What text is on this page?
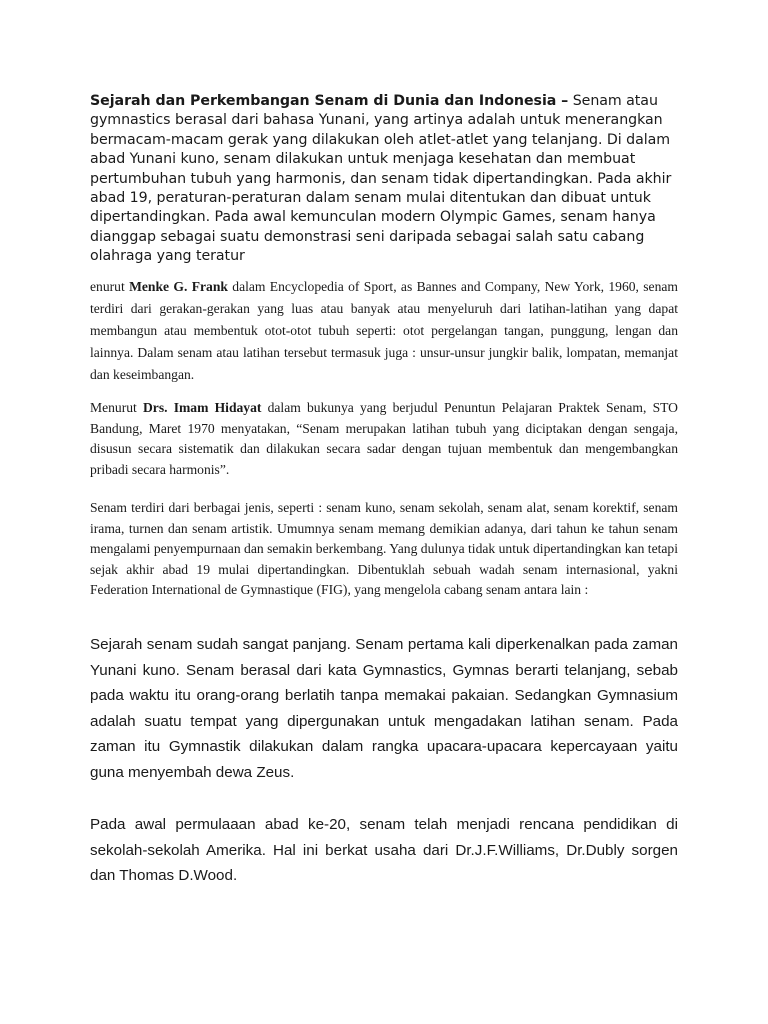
Sejarah dan Perkembangan Senam di Dunia dan Indonesia – Senam atau gymnastics berasal dari bahasa Yunani, yang artinya adalah untuk menerangkan bermacam-macam gerak yang dilakukan oleh atlet-atlet yang telanjang. Di dalam abad Yunani kuno, senam dilakukan untuk menjaga kesehatan dan membuat pertumbuhan tubuh yang harmonis, dan senam tidak dipertandingkan. Pada akhir abad 19, peraturan-peraturan dalam senam mulai ditentukan dan dibuat untuk dipertandingkan. Pada awal kemunculan modern Olympic Games, senam hanya dianggap sebagai suatu demonstrasi seni daripada sebagai salah satu cabang olahraga yang teratur

enurut Menke G. Frank dalam Encyclopedia of Sport, as Bannes and Company, New York, 1960, senam terdiri dari gerakan-gerakan yang luas atau banyak atau menyeluruh dari latihan-latihan yang dapat membangun atau membentuk otot-otot tubuh seperti: otot pergelangan tangan, punggung, lengan dan lainnya. Dalam senam atau latihan tersebut termasuk juga : unsur-unsur jungkir balik, lompatan, memanjat dan keseimbangan.

Menurut Drs. Imam Hidayat dalam bukunya yang berjudul Penuntun Pelajaran Praktek Senam, STO Bandung, Maret 1970 menyatakan, “Senam merupakan latihan tubuh yang diciptakan dengan sengaja, disusun secara sistematik dan dilakukan secara sadar dengan tujuan membentuk dan mengembangkan pribadi secara harmonis”.

Senam terdiri dari berbagai jenis, seperti : senam kuno, senam sekolah, senam alat, senam korektif, senam irama, turnen dan senam artistik. Umumnya senam memang demikian adanya, dari tahun ke tahun senam mengalami penyempurnaan dan semakin berkembang. Yang dulunya tidak untuk dipertandingkan kan tetapi sejak akhir abad 19 mulai dipertandingkan. Dibentuklah sebuah wadah senam internasional, yakni Federation International de Gymnastique (FIG), yang mengelola cabang senam antara lain :

Sejarah senam sudah sangat panjang. Senam pertama kali diperkenalkan pada zaman Yunani kuno. Senam berasal dari kata Gymnastics, Gymnas berarti telanjang, sebab pada waktu itu orang-orang berlatih tanpa memakai pakaian. Sedangkan Gymnasium adalah suatu tempat yang dipergunakan untuk mengadakan latihan senam. Pada zaman itu Gymnastik dilakukan dalam rangka upacara-upacara kepercayaan yaitu guna menyembah dewa Zeus.

Pada awal permulaaan abad ke-20, senam telah menjadi rencana pendidikan di sekolah-sekolah Amerika. Hal ini berkat usaha dari Dr.J.F.Williams, Dr.Dubly sorgen dan Thomas D.Wood.
